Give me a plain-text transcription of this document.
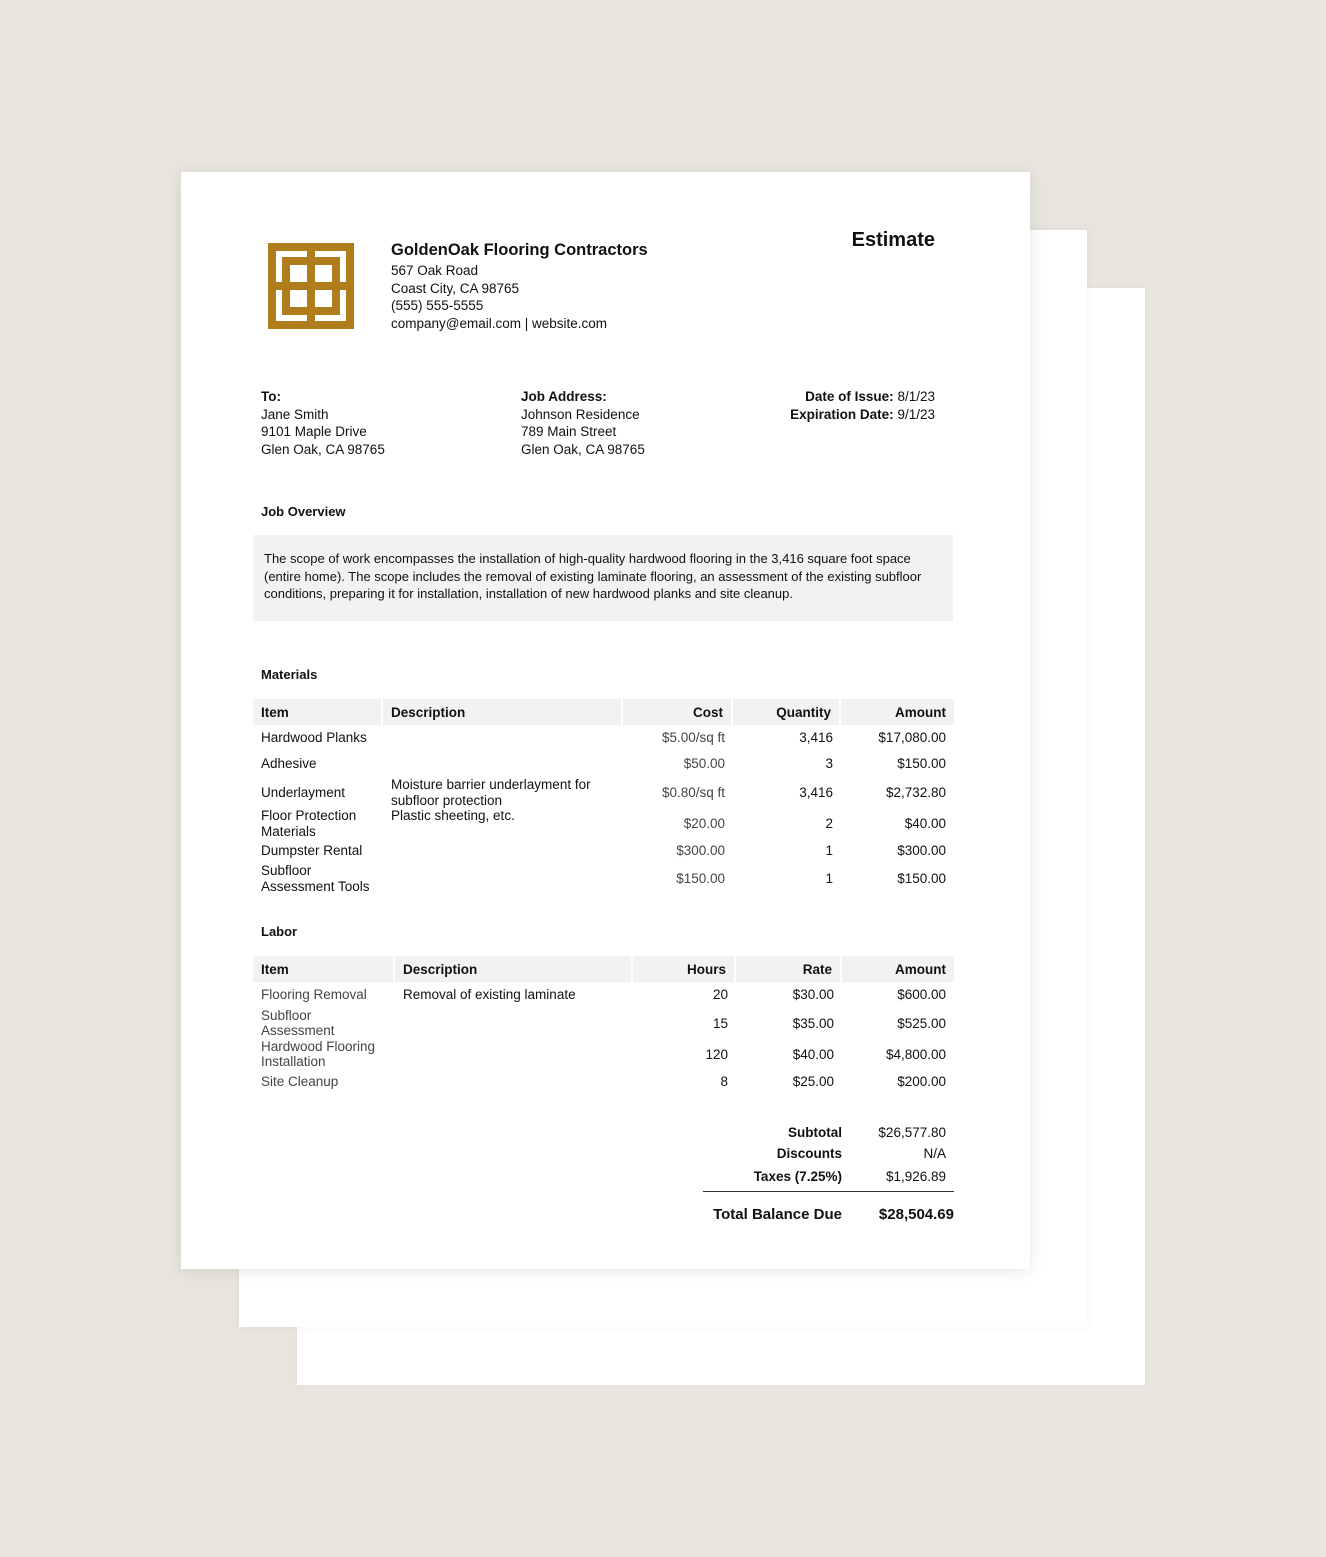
GoldenOak Flooring Contractors
567 Oak Road
Coast City, CA 98765
(555) 555-5555
company@email.com | website.com
Estimate
To:
Jane Smith
9101 Maple Drive
Glen Oak, CA 98765
Job Address:
Johnson Residence
789 Main Street
Glen Oak, CA 98765
Date of Issue: 8/1/23
Expiration Date: 9/1/23
Job Overview
The scope of work encompasses the installation of high-quality hardwood flooring in the 3,416 square foot space (entire home). The scope includes the removal of existing laminate flooring, an assessment of the existing subfloor conditions, preparing it for installation, installation of new hardwood planks and site cleanup.
Materials
Item	Description	Cost	Quantity	Amount
Hardwood Planks		$5.00/sq ft	3,416	$17,080.00
Adhesive		$50.00	3	$150.00
Underlayment	Moisture barrier underlayment for subfloor protection	$0.80/sq ft	3,416	$2,732.80
Floor Protection Materials	Plastic sheeting, etc.	$20.00	2	$40.00
Dumpster Rental		$300.00	1	$300.00
Subfloor Assessment Tools		$150.00	1	$150.00
Labor
Item	Description	Hours	Rate	Amount
Flooring Removal	Removal of existing laminate	20	$30.00	$600.00
Subfloor Assessment		15	$35.00	$525.00
Hardwood Flooring Installation		120	$40.00	$4,800.00
Site Cleanup		8	$25.00	$200.00
Subtotal	$26,577.80
Discounts	N/A
Taxes (7.25%)	$1,926.89
Total Balance Due $28,504.69
